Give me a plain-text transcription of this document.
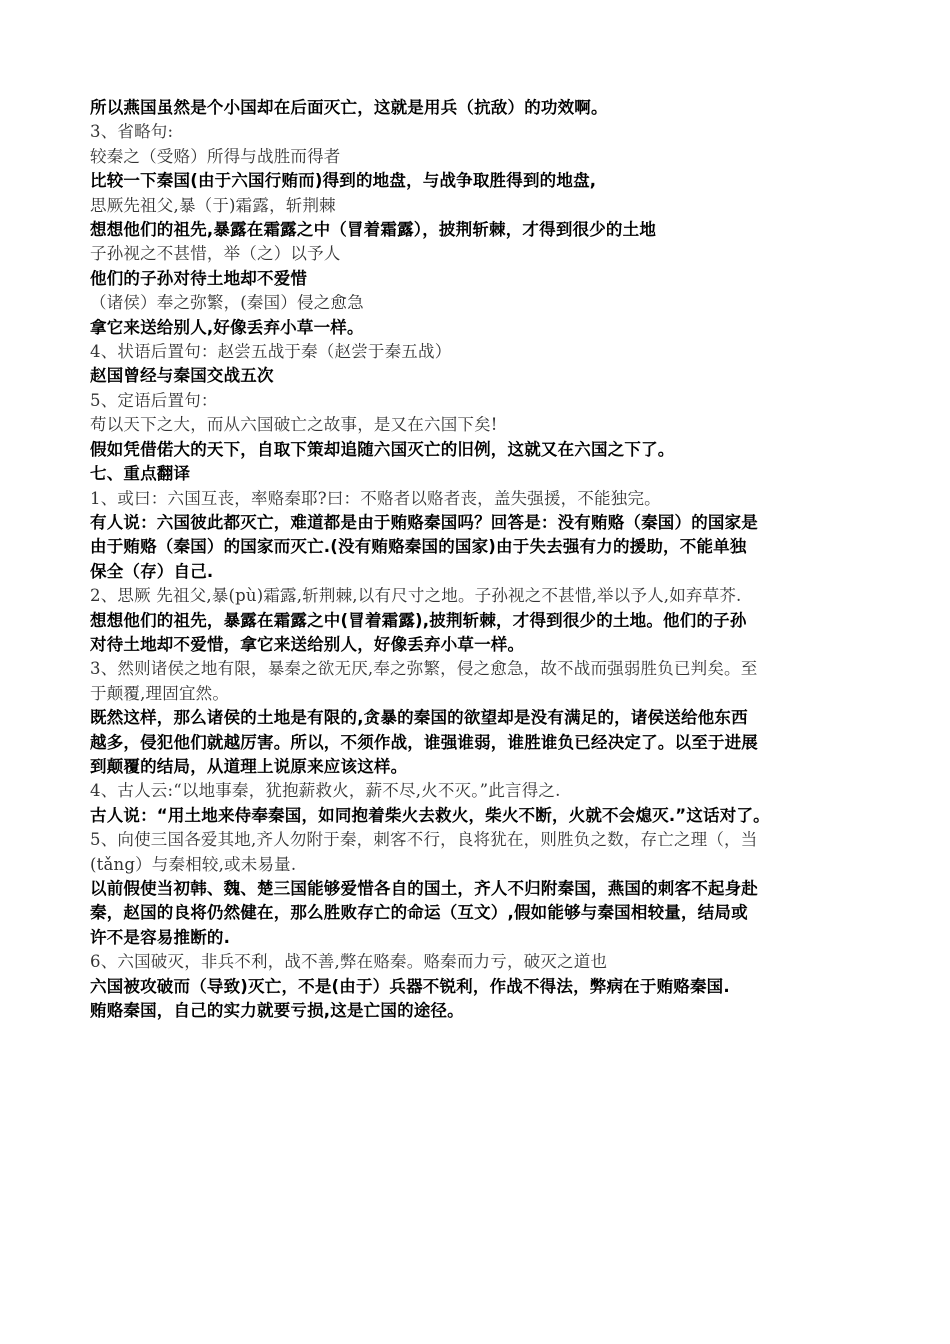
所以燕国虽然是个小国却在后面灭亡，这就是用兵（抗敌）的功效啊。
3、省略句:
较秦之（受赂）所得与战胜而得者
比较一下秦国(由于六国行贿而)得到的地盘，与战争取胜得到的地盘,
思厥先祖父,暴（于)霜露，斩荆棘
想想他们的祖先,暴露在霜露之中（冒着霜露），披荆斩棘，才得到很少的土地
子孙视之不甚惜，举（之）以予人
他们的子孙对待土地却不爱惜
（诸侯）奉之弥繁，(秦国）侵之愈急
拿它来送给别人,好像丢弃小草一样。
4、状语后置句：赵尝五战于秦（赵尝于秦五战）
赵国曾经与秦国交战五次
5、定语后置句：
苟以天下之大，而从六国破亡之故事，是又在六国下矣!
假如凭借偌大的天下，自取下策却追随六国灭亡的旧例，这就又在六国之下了。
七、重点翻译
1、或曰：六国互丧，率赂秦耶?曰：不赂者以赂者丧，盖失强援，不能独完。
有人说：六国彼此都灭亡，难道都是由于贿赂秦国吗？回答是：没有贿赂（秦国）的国家是
由于贿赂（秦国）的国家而灭亡.(没有贿赂秦国的国家)由于失去强有力的援助，不能单独
保全（存）自己.
2、思厥 先祖父,暴(pù)霜露,斩荆棘,以有尺寸之地。子孙视之不甚惜,举以予人,如弃草芥.
想想他们的祖先，暴露在霜露之中(冒着霜露),披荆斩棘，才得到很少的土地。他们的子孙
对待土地却不爱惜，拿它来送给别人，好像丢弃小草一样。
3、然则诸侯之地有限，暴秦之欲无厌,奉之弥繁，侵之愈急，故不战而强弱胜负已判矣。至
于颠覆,理固宜然。
既然这样，那么诸侯的土地是有限的,贪暴的秦国的欲望却是没有满足的，诸侯送给他东西
越多，侵犯他们就越厉害。所以，不须作战，谁强谁弱，谁胜谁负已经决定了。以至于进展
到颠覆的结局，从道理上说原来应该这样。
4、古人云:“以地事秦，犹抱薪救火，薪不尽,火不灭。”此言得之.
古人说：“用土地来侍奉秦国，如同抱着柴火去救火，柴火不断，火就不会熄灭.”这话对了。
5、向使三国各爱其地,齐人勿附于秦，刺客不行，良将犹在，则胜负之数，存亡之理（，当
(tǎng）与秦相较,或未易量.
以前假使当初韩、魏、楚三国能够爱惜各自的国土，齐人不归附秦国，燕国的刺客不起身赴
秦，赵国的良将仍然健在，那么胜败存亡的命运（互文）,假如能够与秦国相较量，结局或
许不是容易推断的.
6、六国破灭，非兵不利，战不善,弊在赂秦。赂秦而力亏，破灭之道也
六国被攻破而（导致)灭亡，不是(由于）兵器不锐利，作战不得法，弊病在于贿赂秦国.
贿赂秦国，自己的实力就要亏损,这是亡国的途径。
